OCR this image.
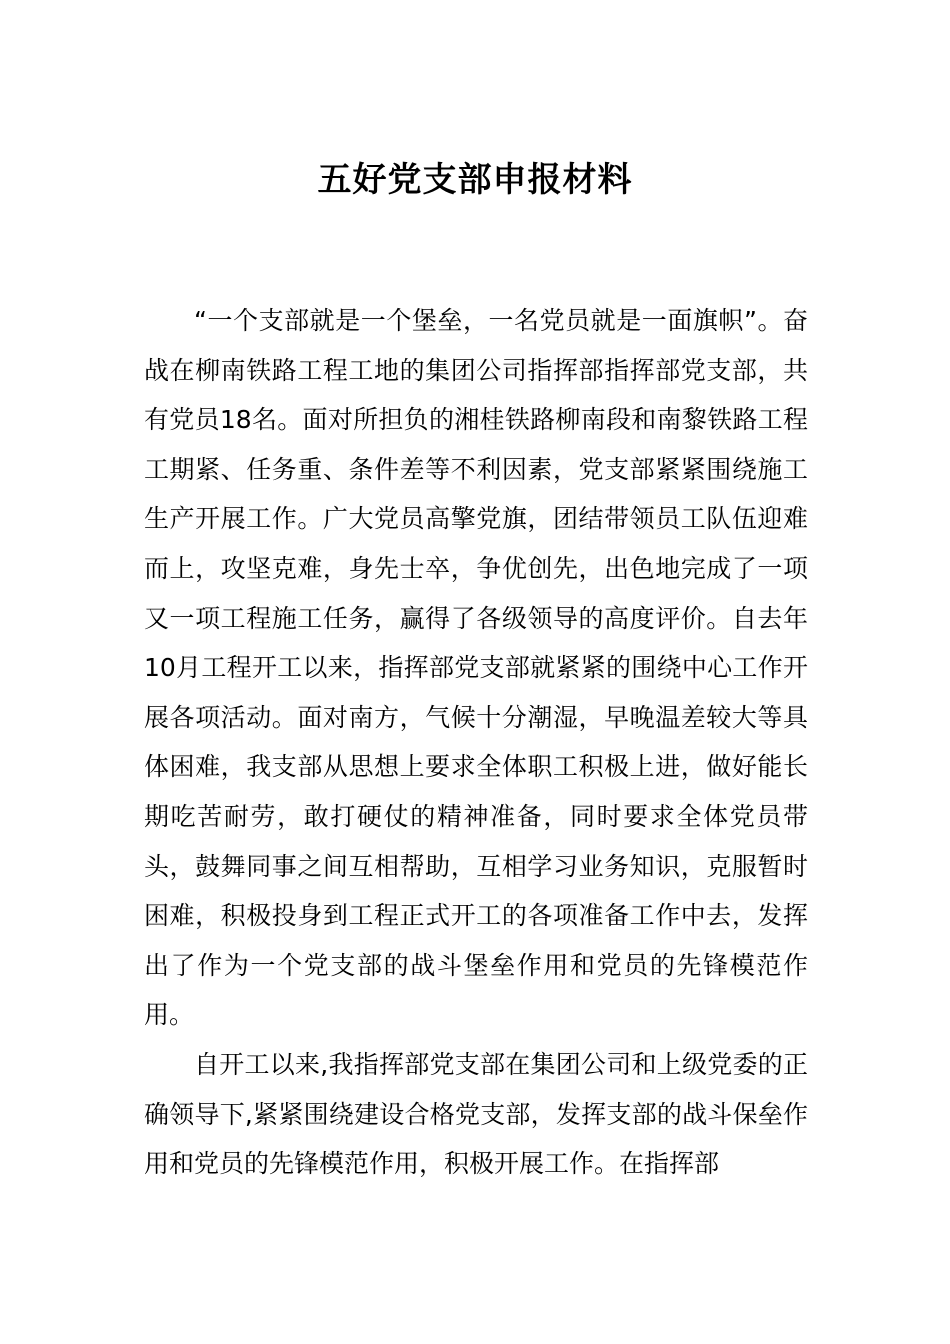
五好党支部申报材料

“一个支部就是一个堡垒，一名党员就是一面旗帜”。奋战在柳南铁路工程工地的集团公司指挥部指挥部党支部，共有党员18名。面对所担负的湘桂铁路柳南段和南黎铁路工程工期紧、任务重、条件差等不利因素，党支部紧紧围绕施工生产开展工作。广大党员高擎党旗，团结带领员工队伍迎难而上，攻坚克难，身先士卒，争优创先，出色地完成了一项又一项工程施工任务，赢得了各级领导的高度评价。自去年10月工程开工以来，指挥部党支部就紧紧的围绕中心工作开展各项活动。面对南方，气候十分潮湿，早晚温差较大等具体困难，我支部从思想上要求全体职工积极上进，做好能长期吃苦耐劳，敢打硬仗的精神准备，同时要求全体党员带头，鼓舞同事之间互相帮助，互相学习业务知识，克服暂时困难，积极投身到工程正式开工的各项准备工作中去，发挥出了作为一个党支部的战斗堡垒作用和党员的先锋模范作用。

自开工以来,我指挥部党支部在集团公司和上级党委的正确领导下,紧紧围绕建设合格党支部，发挥支部的战斗保垒作用和党员的先锋模范作用，积极开展工作。在指挥部
